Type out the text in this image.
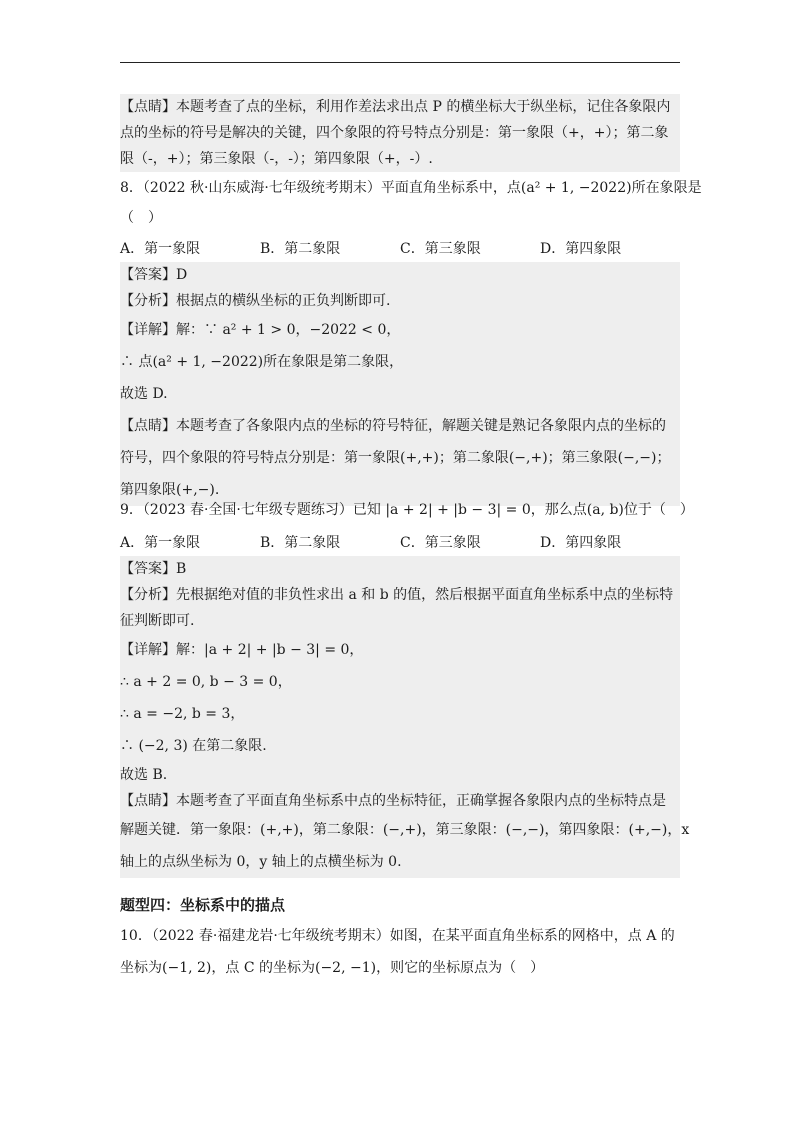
【点睛】本题考查了点的坐标，利用作差法求出点 P 的横坐标大于纵坐标，记住各象限内
点的坐标的符号是解决的关键，四个象限的符号特点分别是：第一象限（+，+）；第二象
限（-，+）；第三象限（-，-）；第四象限（+，-）.
8．（2022 秋·山东威海·七年级统考期末）平面直角坐标系中，点(a² + 1, −2022)所在象限是
（　）
A．第一象限	B．第二象限	C．第三象限	D．第四象限
【答案】D
【分析】根据点的横纵坐标的正负判断即可.
【详解】解：∵ a² + 1 > 0，−2022 < 0，
∴ 点(a² + 1, −2022)所在象限是第二象限，
故选 D.
【点睛】本题考查了各象限内点的坐标的符号特征，解题关键是熟记各象限内点的坐标的
符号，四个象限的符号特点分别是：第一象限(+,+)；第二象限(−,+)；第三象限(−,−)；
第四象限(+,−).
9．（2023 春·全国·七年级专题练习）已知 |a + 2| + |b − 3| = 0，那么点(a, b)位于（　）
A．第一象限	B．第二象限	C．第三象限	D．第四象限
【答案】B
【分析】先根据绝对值的非负性求出 a 和 b 的值，然后根据平面直角坐标系中点的坐标特
征判断即可.
【详解】解：|a + 2| + |b − 3| = 0，
∴ a + 2 = 0, b − 3 = 0，
∴ a = −2, b = 3，
∴ (−2, 3) 在第二象限.
故选 B.
【点睛】本题考查了平面直角坐标系中点的坐标特征，正确掌握各象限内点的坐标特点是
解题关键．第一象限：(+,+)，第二象限：(−,+)，第三象限：(−,−)，第四象限：(+,−)，x
轴上的点纵坐标为 0，y 轴上的点横坐标为 0.
题型四：坐标系中的描点
10．（2022 春·福建龙岩·七年级统考期末）如图，在某平面直角坐标系的网格中，点 A 的
坐标为(−1, 2)，点 C 的坐标为(−2, −1)，则它的坐标原点为（　）
